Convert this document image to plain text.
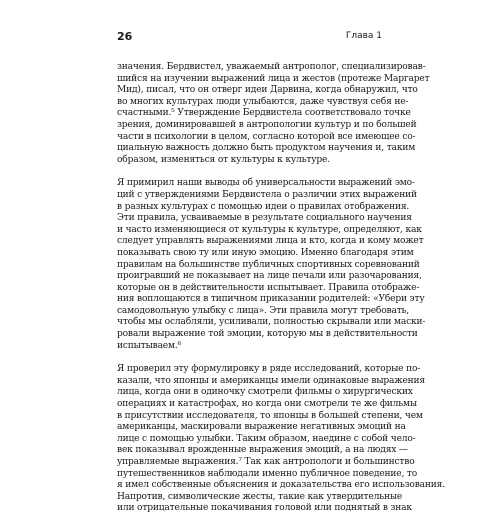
26	Глава 1
значения. Бердвистел, уважаемый антрополог, специализировав-
шийся на изучении выражений лица и жестов (протеже Маргарет
Мид), писал, что он отверг идеи Дарвина, когда обнаружил, что
во многих культурах люди улыбаются, даже чувствуя себя не-
счастными.⁵ Утверждение Бердвистела соответствовало точке
зрения, доминировавшей в антропологии культур и по большей
части в психологии в целом, согласно которой все имеющее со-
циальную важность должно быть продуктом научения и, таким
образом, изменяться от культуры к культуре.
Я примирил наши выводы об универсальности выражений эмо-
ций с утверждениями Бердвистела о различии этих выражений
в разных культурах с помощью идеи о правилах отображения.
Эти правила, усваиваемые в результате социального научения
и часто изменяющиеся от культуры к культуре, определяют, как
следует управлять выражениями лица и кто, когда и кому может
показывать свою ту или иную эмоцию. Именно благодаря этим
правилам на большинстве публичных спортивных соревнований
проигравший не показывает на лице печали или разочарования,
которые он в действительности испытывает. Правила отображе-
ния воплощаются в типичном приказании родителей: «Убери эту
самодовольную улыбку с лица». Эти правила могут требовать,
чтобы мы ослабляли, усиливали, полностью скрывали или маски-
ровали выражение той эмоции, которую мы в действительности
испытываем.⁶
Я проверил эту формулировку в ряде исследований, которые по-
казали, что японцы и американцы имели одинаковые выражения
лица, когда они в одиночку смотрели фильмы о хирургических
операциях и катастрофах, но когда они смотрели те же фильмы
в присутствии исследователя, то японцы в большей степени, чем
американцы, маскировали выражение негативных эмоций на
лице с помощью улыбки. Таким образом, наедине с собой чело-
век показывал врожденные выражения эмоций, а на людях —
управляемые выражения.⁷ Так как антропологи и большинство
путешественников наблюдали именно публичное поведение, то
я имел собственные объяснения и доказательства его использования.
Напротив, символические жесты, такие как утвердительные
или отрицательные покачивания головой или поднятый в знак
